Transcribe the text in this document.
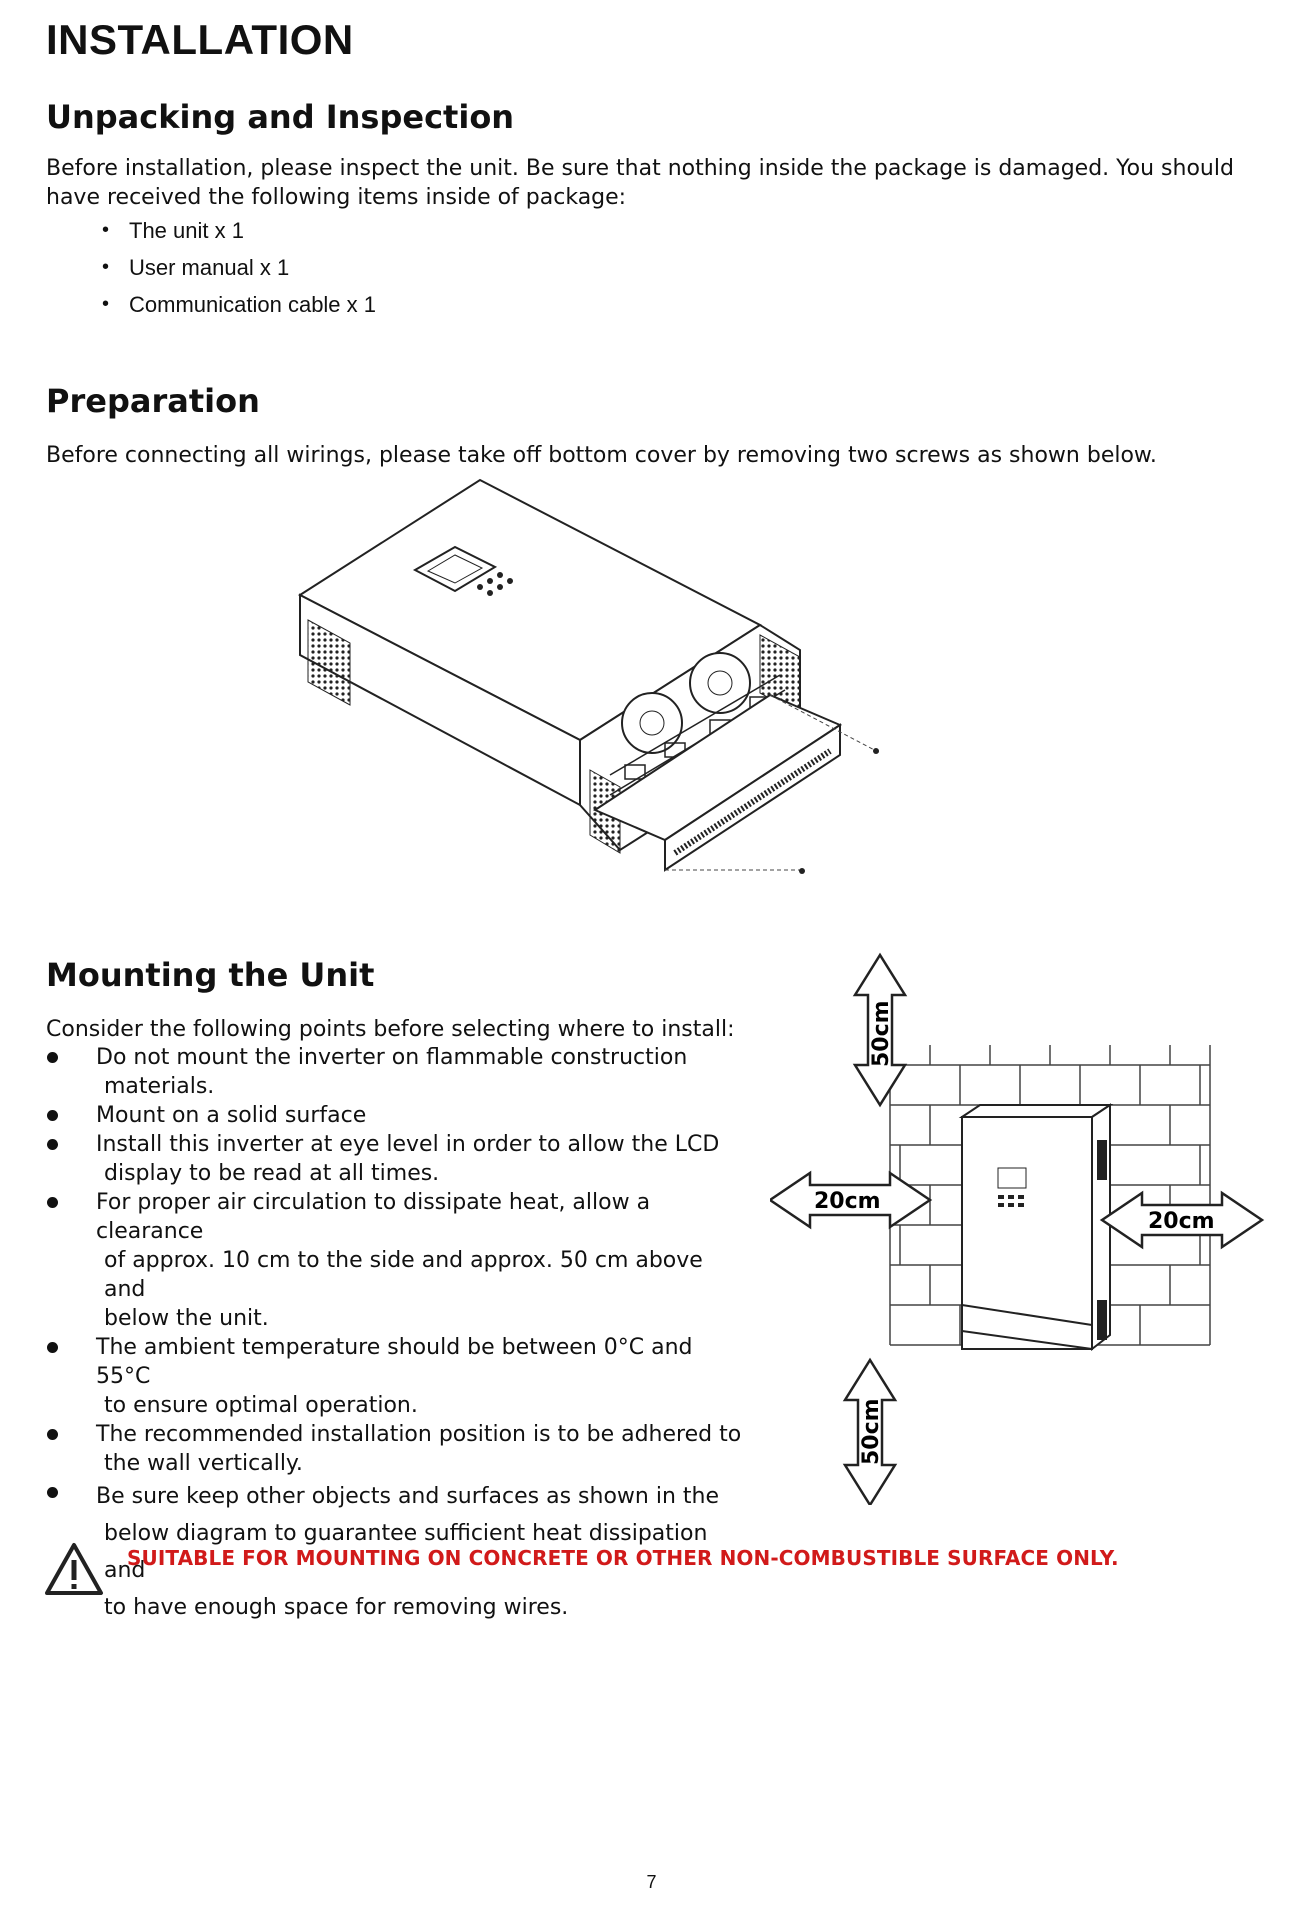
INSTALLATION
Unpacking and Inspection
Before installation, please inspect the unit. Be sure that nothing inside the package is damaged. You should
have received the following items inside of package:
• The unit x 1
• User manual x 1
• Communication cable x 1
Preparation
Before connecting all wirings, please take off bottom cover by removing two screws as shown below.
Mounting the Unit
Consider the following points before selecting where to install:
Do not mount the inverter on flammable construction
materials.
Mount on a solid surface
Install this inverter at eye level in order to allow the LCD
display to be read at all times.
For proper air circulation to dissipate heat, allow a clearance
of approx. 10 cm to the side and approx. 50 cm above and
below the unit.
The ambient temperature should be between 0°C and 55°C
to ensure optimal operation.
The recommended installation position is to be adhered to
the wall vertically.
Be sure keep other objects and surfaces as shown in the
below diagram to guarantee sufficient heat dissipation and
to have enough space for removing wires.
50cm
50cm
20cm
20cm
SUITABLE FOR MOUNTING ON CONCRETE OR OTHER NON-COMBUSTIBLE SURFACE ONLY.
7
